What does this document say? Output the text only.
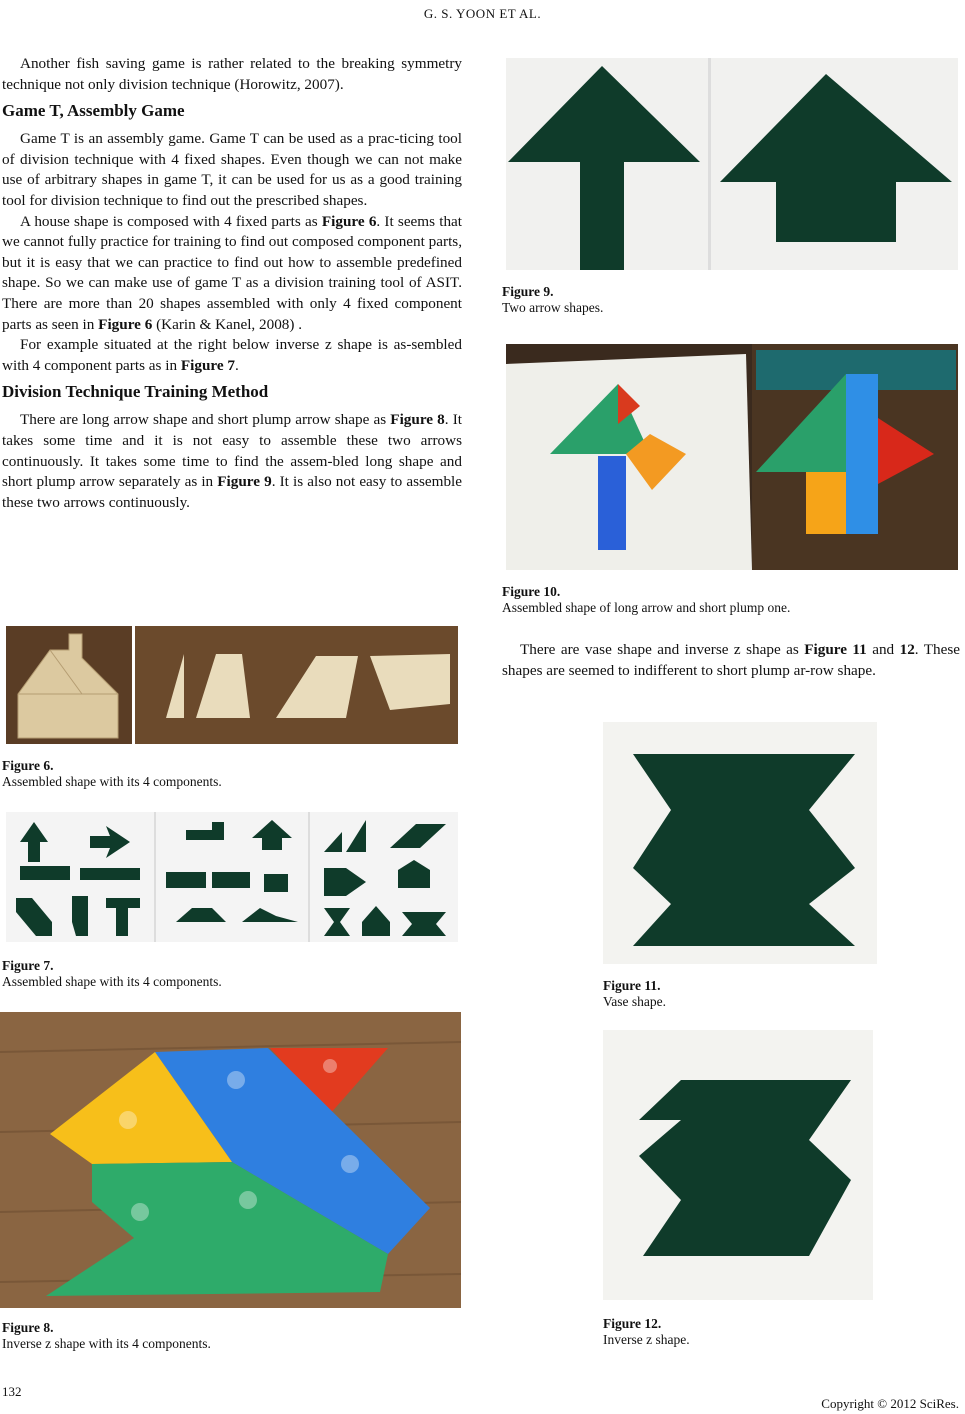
G. S. YOON ET AL.

Another fish saving game is rather related to the breaking symmetry technique not only division technique (Horowitz, 2007).

Game T, Assembly Game

Game T is an assembly game. Game T can be used as a prac-ticing tool of division technique with 4 fixed shapes. Even though we can not make use of arbitrary shapes in game T, it can be used for us as a good training tool for division technique to find out the prescribed shapes.

A house shape is composed with 4 fixed parts as Figure 6. It seems that we cannot fully practice for training to find out composed component parts, but it is easy that we can practice to find out how to assemble predefined shape. So we can make use of game T as a division training tool of ASIT. There are more than 20 shapes assembled with only 4 fixed component parts as seen in Figure 6 (Karin & Kanel, 2008) .

For example situated at the right below inverse z shape is as-sembled with 4 component parts as in Figure 7.

Division Technique Training Method

There are long arrow shape and short plump arrow shape as Figure 8. It takes some time and it is not easy to assemble these two arrows continuously. It takes some time to find the assem-bled long shape and short plump arrow separately as in Figure 9. It is also not easy to assemble these two arrows continuously.

Figure 6.
Assembled shape with its 4 components.
Figure 7.
Assembled shape with its 4 components.
Figure 8.
Inverse z shape with its 4 components.
Figure 9.
Two arrow shapes.
Figure 10.
Assembled shape of long arrow and short plump one.

There are vase shape and inverse z shape as Figure 11 and 12. These shapes are seemed to indifferent to short plump ar-row shape.

Figure 11.
Vase shape.
Figure 12.
Inverse z shape.
132
Copyright © 2012 SciRes.
